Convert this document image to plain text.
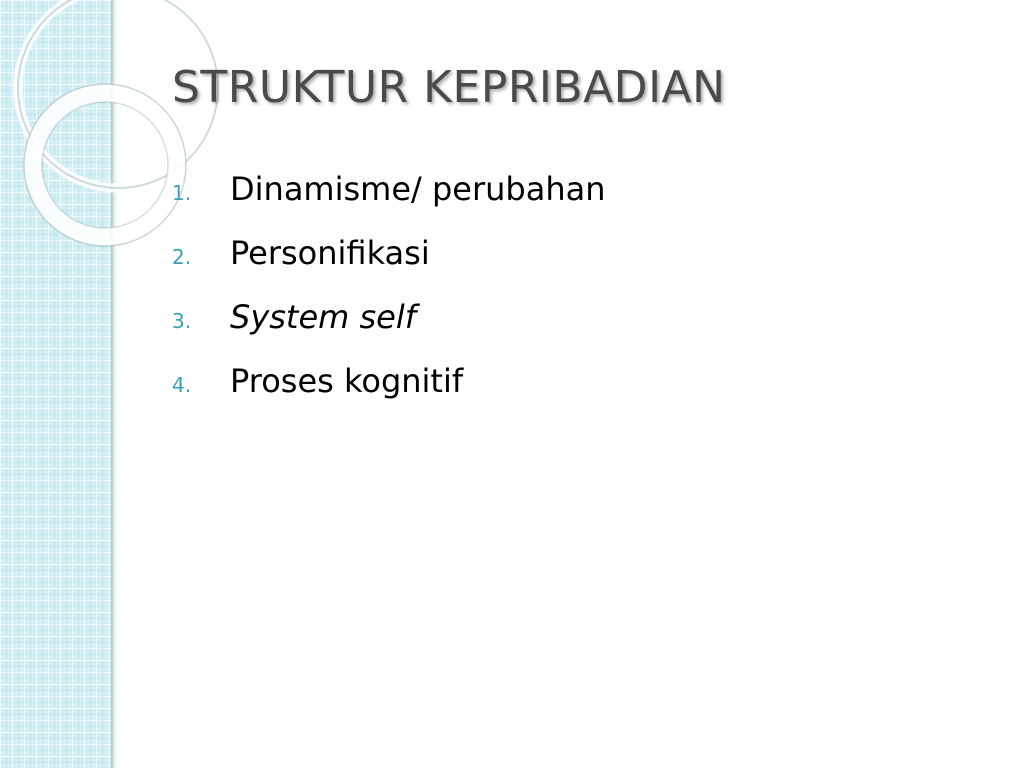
STRUKTUR KEPRIBADIAN
1.	Dinamisme/ perubahan
2.	Personifikasi
3.	System self
4.	Proses kognitif
